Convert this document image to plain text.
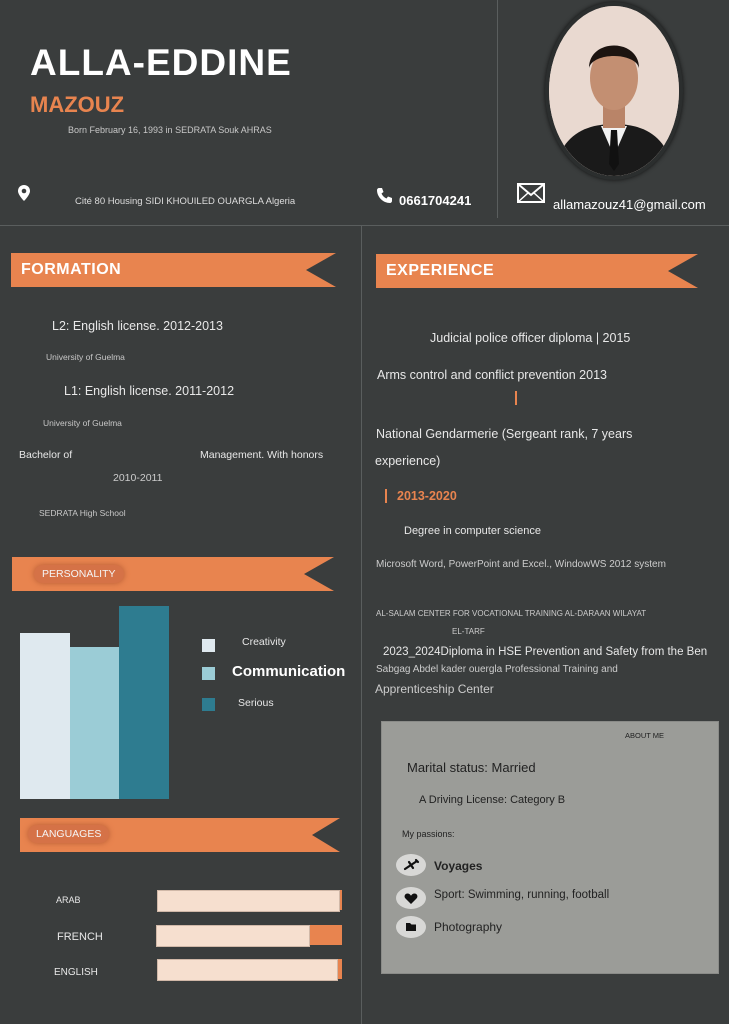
ALLA-EDDINE
MAZOUZ
Born February 16, 1993 in SEDRATA Souk AHRAS
Cité 80 Housing SIDI KHOUILED OUARGLA Algeria	0661704241	allamazouz41@gmail.com
FORMATION
L2: English license. 2012-2013
University of Guelma
L1: English license. 2011-2012
University of Guelma
Bachelor of	Management. With honors
2010-2011
SEDRATA High School
PERSONALITY
Creativity
Communication
Serious
LANGUAGES
ARAB
FRENCH
ENGLISH
EXPERIENCE
Judicial police officer diploma | 2015
Arms control and conflict prevention 2013
National Gendarmerie (Sergeant rank, 7 years
experience)
2013-2020
Degree in computer science
Microsoft Word, PowerPoint and Excel., WindowWS 2012 system
AL-SALAM CENTER FOR VOCATIONAL TRAINING AL-DARAAN WILAYAT
EL-TARF
2023_2024Diploma in HSE Prevention and Safety from the Ben
Sabgag Abdel kader ouergla Professional Training and
Apprenticeship Center
ABOUT ME
Marital status: Married
A Driving License: Category B
My passions:
Voyages
Sport: Swimming, running, football
Photography
